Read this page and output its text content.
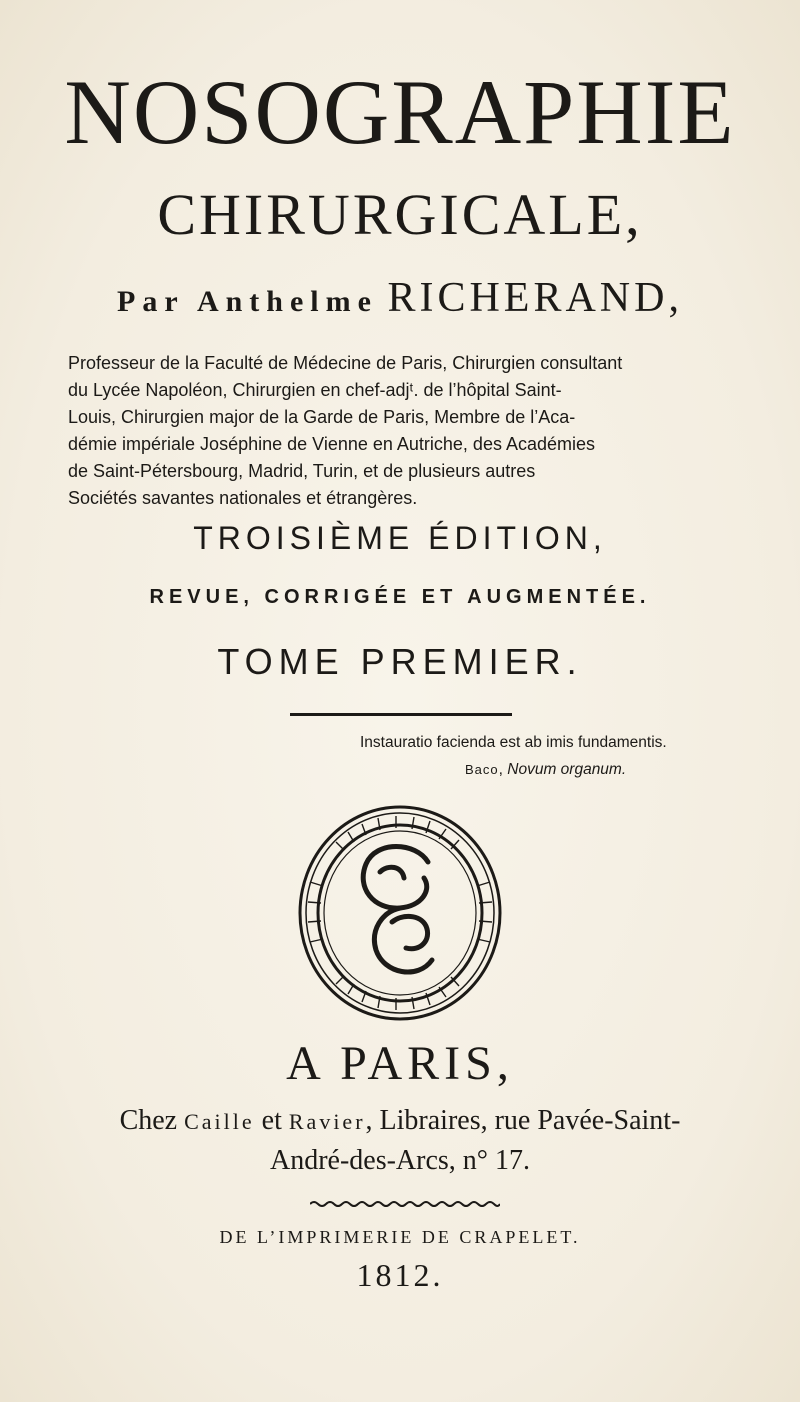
NOSOGRAPHIE
CHIRURGICALE,
Par Anthelme RICHERAND,
Professeur de la Faculté de Médecine de Paris, Chirurgien consultant
du Lycée Napoléon, Chirurgien en chef-adjᵗ. de l’hôpital Saint-
Louis, Chirurgien major de la Garde de Paris, Membre de l’Aca-
démie impériale Joséphine de Vienne en Autriche, des Académies
de Saint-Pétersbourg, Madrid, Turin, et de plusieurs autres
Sociétés savantes nationales et étrangères.
TROISIÈME ÉDITION,
REVUE, CORRIGÉE ET AUGMENTÉE.
TOME PREMIER.
Instauratio facienda est ab imis fundamentis.
Baco, Novum organum.
A PARIS,
Chez Caille et Ravier, Libraires, rue Pavée-Saint-
André-des-Arcs, n° 17.
DE L’IMPRIMERIE DE CRAPELET.
1812.
